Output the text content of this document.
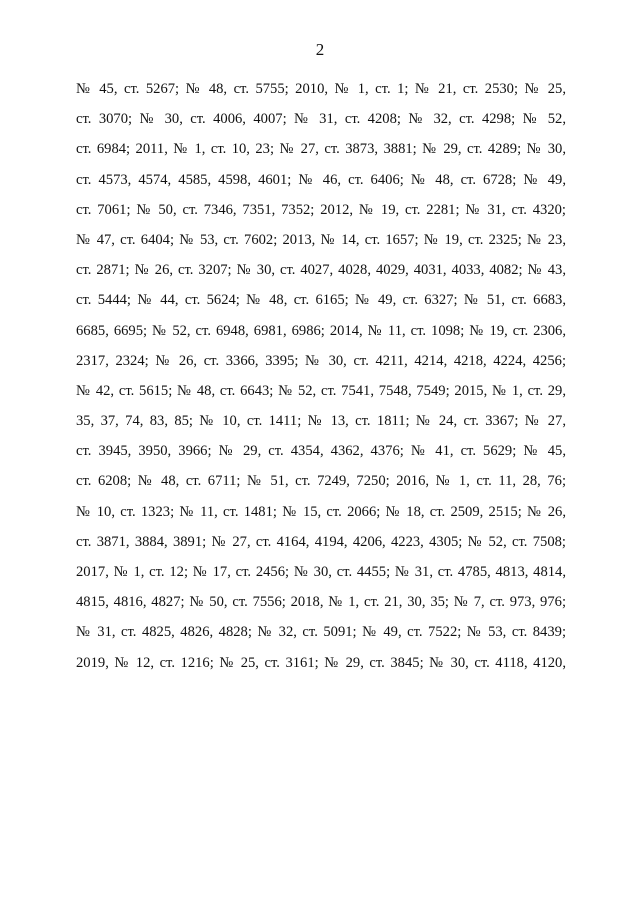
2
№ 45, ст. 5267; № 48, ст. 5755; 2010, № 1, ст. 1; № 21, ст. 2530; № 25,
ст. 3070; № 30, ст. 4006, 4007; № 31, ст. 4208; № 32, ст. 4298; № 52,
ст. 6984; 2011, № 1, ст. 10, 23; № 27, ст. 3873, 3881; № 29, ст. 4289; № 30,
ст. 4573, 4574, 4585, 4598, 4601; № 46, ст. 6406; № 48, ст. 6728; № 49,
ст. 7061; № 50, ст. 7346, 7351, 7352; 2012, № 19, ст. 2281; № 31, ст. 4320;
№ 47, ст. 6404; № 53, ст. 7602; 2013, № 14, ст. 1657; № 19, ст. 2325; № 23,
ст. 2871; № 26, ст. 3207; № 30, ст. 4027, 4028, 4029, 4031, 4033, 4082; № 43,
ст. 5444; № 44, ст. 5624; № 48, ст. 6165; № 49, ст. 6327; № 51, ст. 6683,
6685, 6695; № 52, ст. 6948, 6981, 6986; 2014, № 11, ст. 1098; № 19, ст. 2306,
2317, 2324; № 26, ст. 3366, 3395; № 30, ст. 4211, 4214, 4218, 4224, 4256;
№ 42, ст. 5615; № 48, ст. 6643; № 52, ст. 7541, 7548, 7549; 2015, № 1, ст. 29,
35, 37, 74, 83, 85; № 10, ст. 1411; № 13, ст. 1811; № 24, ст. 3367; № 27,
ст. 3945, 3950, 3966; № 29, ст. 4354, 4362, 4376; № 41, ст. 5629; № 45,
ст. 6208; № 48, ст. 6711; № 51, ст. 7249, 7250; 2016, № 1, ст. 11, 28, 76;
№ 10, ст. 1323; № 11, ст. 1481; № 15, ст. 2066; № 18, ст. 2509, 2515; № 26,
ст. 3871, 3884, 3891; № 27, ст. 4164, 4194, 4206, 4223, 4305; № 52, ст. 7508;
2017, № 1, ст. 12; № 17, ст. 2456; № 30, ст. 4455; № 31, ст. 4785, 4813, 4814,
4815, 4816, 4827; № 50, ст. 7556; 2018, № 1, ст. 21, 30, 35; № 7, ст. 973, 976;
№ 31, ст. 4825, 4826, 4828; № 32, ст. 5091; № 49, ст. 7522; № 53, ст. 8439;
2019, № 12, ст. 1216; № 25, ст. 3161; № 29, ст. 3845; № 30, ст. 4118, 4120,
